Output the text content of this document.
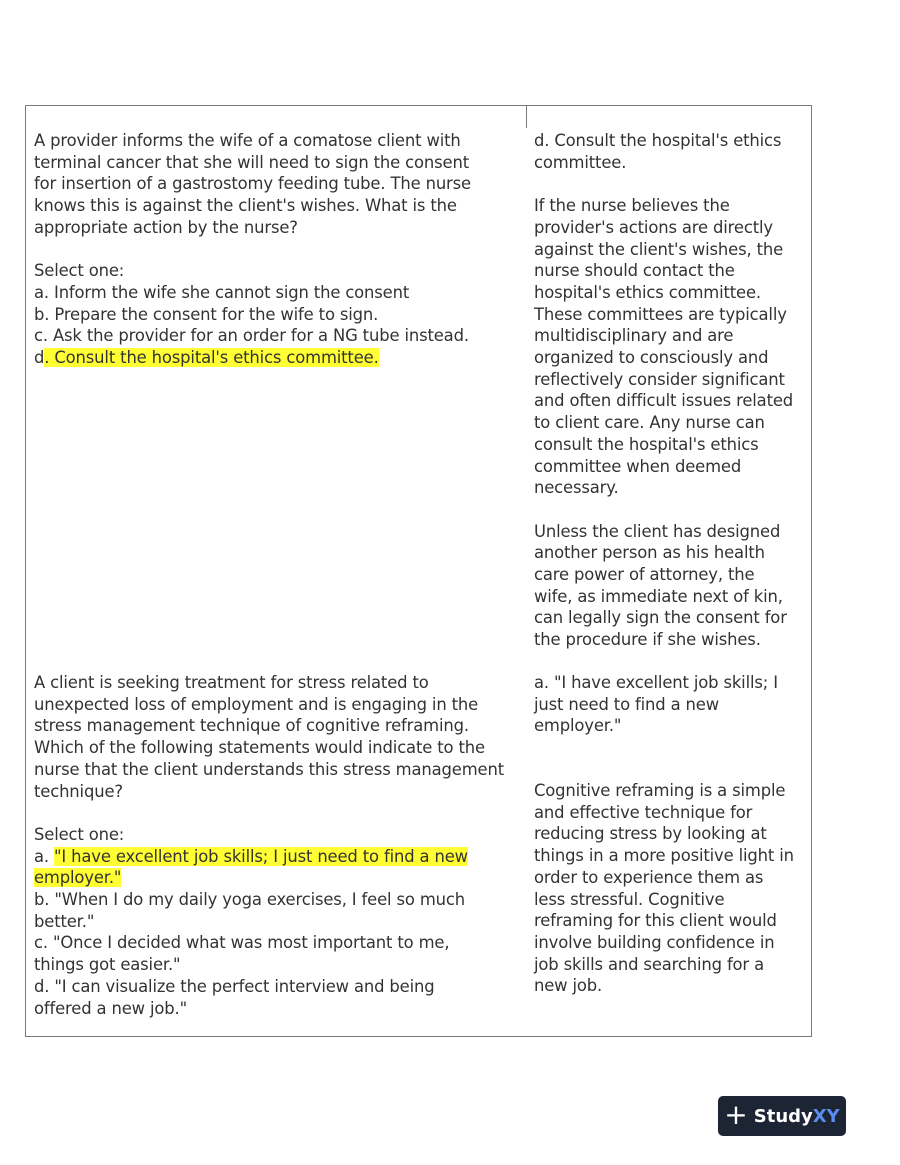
A provider informs the wife of a comatose client with
terminal cancer that she will need to sign the consent
for insertion of a gastrostomy feeding tube. The nurse
knows this is against the client's wishes. What is the
appropriate action by the nurse?

Select one:
a. Inform the wife she cannot sign the consent
b. Prepare the consent for the wife to sign.
c. Ask the provider for an order for a NG tube instead.
d. Consult the hospital's ethics committee.
d. Consult the hospital's ethics
committee.

If the nurse believes the
provider's actions are directly
against the client's wishes, the
nurse should contact the
hospital's ethics committee.
These committees are typically
multidisciplinary and are
organized to consciously and
reflectively consider significant
and often difficult issues related
to client care. Any nurse can
consult the hospital's ethics
committee when deemed
necessary.

Unless the client has designed
another person as his health
care power of attorney, the
wife, as immediate next of kin,
can legally sign the consent for
the procedure if she wishes.
A client is seeking treatment for stress related to
unexpected loss of employment and is engaging in the
stress management technique of cognitive reframing.
Which of the following statements would indicate to the
nurse that the client understands this stress management
technique?

Select one:
a. "I have excellent job skills; I just need to find a new
employer."
b. "When I do my daily yoga exercises, I feel so much
better."
c. "Once I decided what was most important to me,
things got easier."
d. "I can visualize the perfect interview and being
offered a new job."
a. "I have excellent job skills; I
just need to find a new
employer."
Cognitive reframing is a simple
and effective technique for
reducing stress by looking at
things in a more positive light in
order to experience them as
less stressful. Cognitive
reframing for this client would
involve building confidence in
job skills and searching for a
new job.
+ Study XY
